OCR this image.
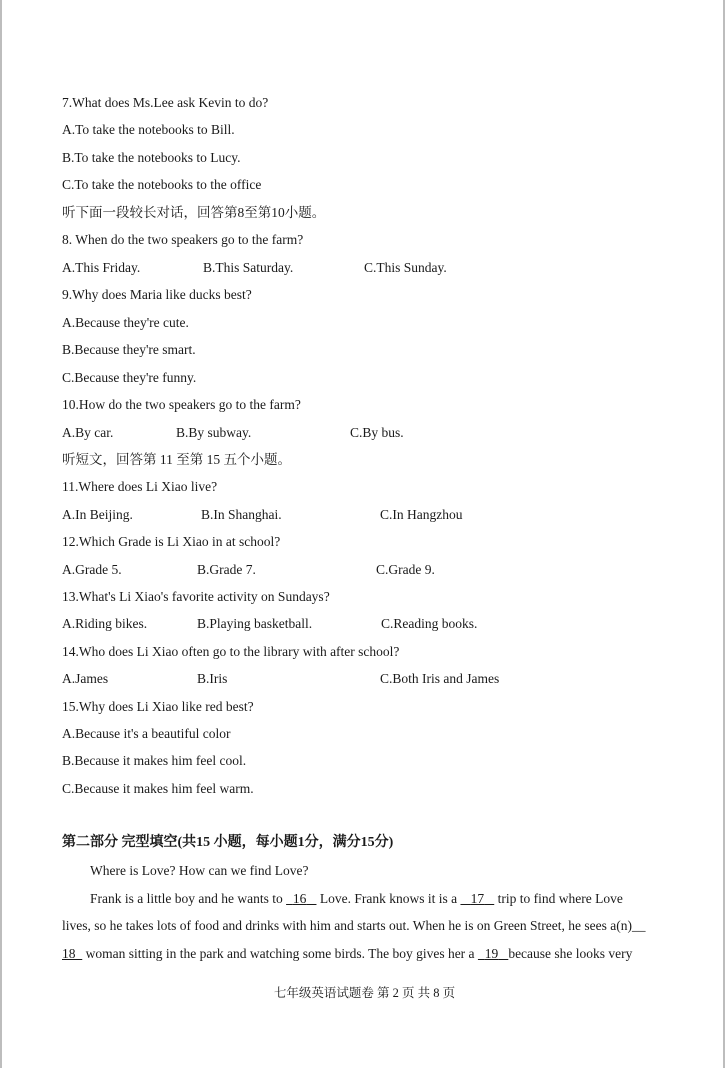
7.What does Ms.Lee ask Kevin to do?
A.To take the notebooks to Bill.
B.To take the notebooks to Lucy.
C.To take the notebooks to the office
听下面一段较长对话，回答第8至第10小题。
8. When do the two speakers go to the farm?
A.This Friday.	B.This Saturday.	C.This Sunday.
9.Why does Maria like ducks best?
A.Because they're cute.
B.Because they're smart.
C.Because they're funny.
10.How do the two speakers go to the farm?
A.By car.	B.By subway.	C.By bus.
听短文，回答第 11 至第 15 五个小题。
11.Where does Li Xiao live?
A.In Beijing.	B.In Shanghai.	C.In Hangzhou
12.Which Grade is Li Xiao in at school?
A.Grade 5.	B.Grade 7.	C.Grade 9.
13.What's Li Xiao's favorite activity on Sundays?
A.Riding bikes.	B.Playing basketball.	C.Reading books.
14.Who does Li Xiao often go to the library with after school?
A.James	B.Iris	C.Both Iris and James
15.Why does Li Xiao like red best?
A.Because it's a beautiful color
B.Because it makes him feel cool.
C.Because it makes him feel warm.
第二部分 完型填空(共15 小题，每小题1分，满分15分)
Where is Love? How can we find Love?
Frank is a little boy and he wants to   16    Love. Frank knows it is a    17    trip to find where Love
lives, so he takes lots of food and drinks with him and starts out. When he is on Green Street, he sees a(n)__
18   woman sitting in the park and watching some birds. The boy gives her a   19 because she looks very
七年级英语试题卷 第 2 页 共 8 页
